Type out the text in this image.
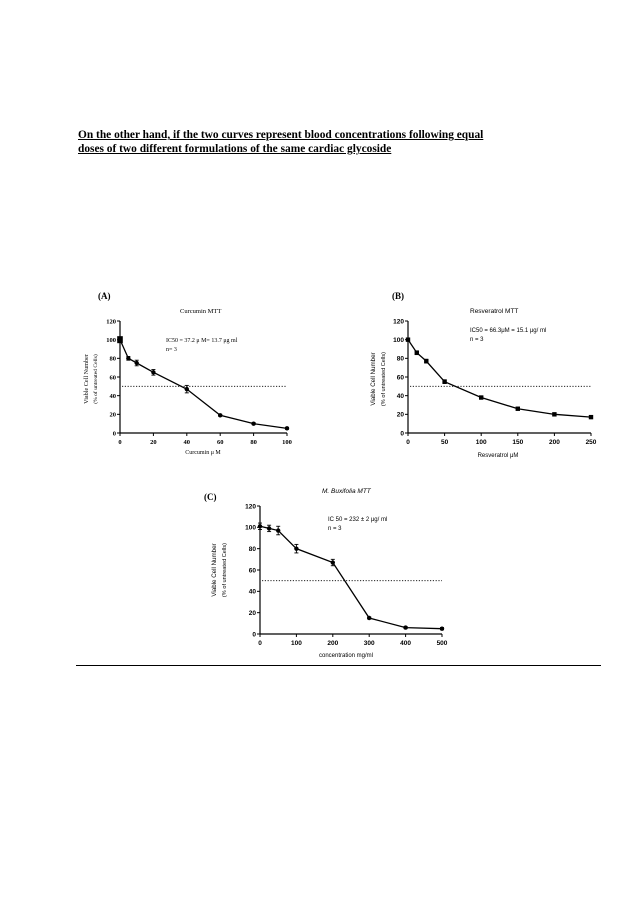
On the other hand, if the two curves represent blood concentrations following equal
doses of two different formulations of the same cardiac glycoside
(A)
Curcumin MTT
IC50 = 37.2 μ M= 13.7 μg ml
n= 3
0	20	40	60	80	100
0
20
40
60
80
100
120
Curcumin μ M
Viable Cell Number (% of untreated Cells)
(B)
Resveratrol MTT
IC50 = 66.3μM = 15.1 μg/ ml
n = 3
0	50	100	150	200	250
0
20
40
60
80
100
120
Resveratrol μM
Viable Cell Number (% of untreated Cells)
(C)
M. Buxifolia MTT
IC 50 = 232 ± 2 μg/ ml
n = 3
0	100	200	300	400	500
0
20
40
60
80
100
120
concentration mg/ml
Viable Cell Number (% of untreated Cells)
